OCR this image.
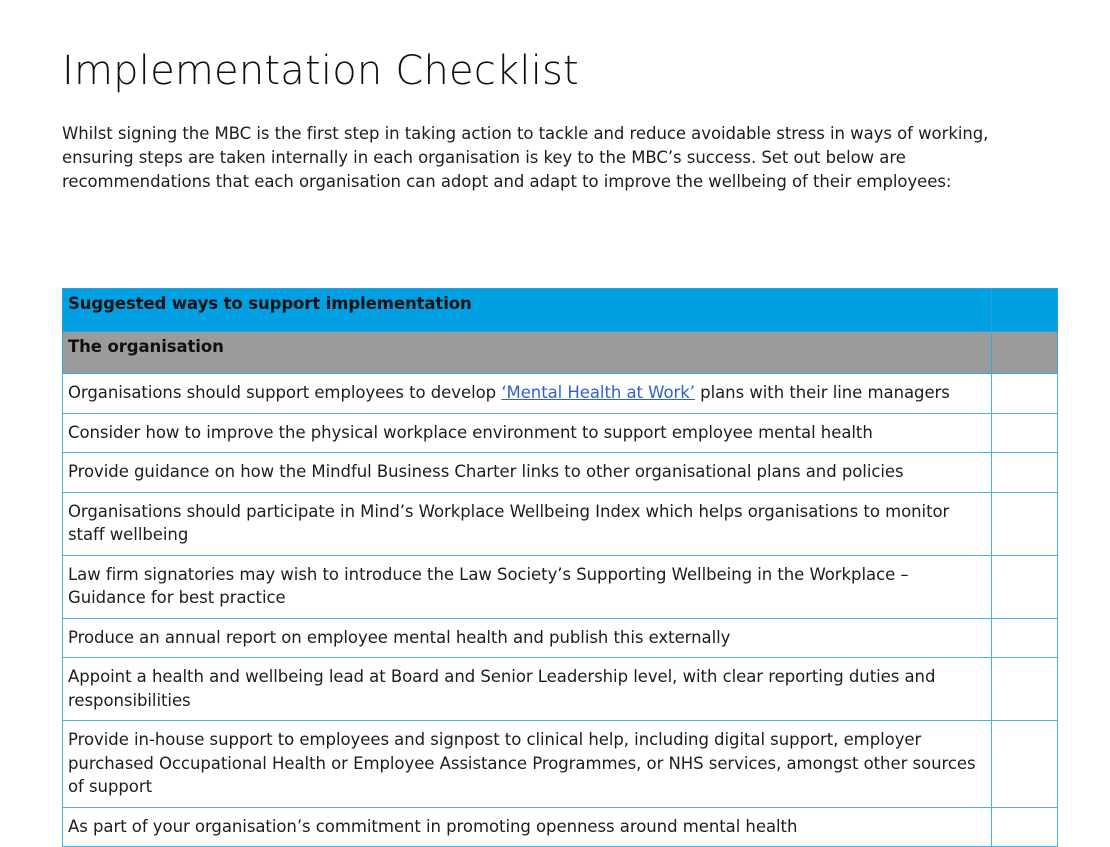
Implementation Checklist

Whilst signing the MBC is the first step in taking action to tackle and reduce avoidable stress in ways of working, ensuring steps are taken internally in each organisation is key to the MBC’s success. Set out below are recommendations that each organisation can adopt and adapt to improve the wellbeing of their employees:

Suggested ways to support implementation	
The organisation	
Organisations should support employees to develop ‘Mental Health at Work’ plans with their line managers	
Consider how to improve the physical workplace environment to support employee mental health	
Provide guidance on how the Mindful Business Charter links to other organisational plans and policies	
Organisations should participate in Mind’s Workplace Wellbeing Index which helps organisations to monitor staff wellbeing	
Law firm signatories may wish to introduce the Law Society’s Supporting Wellbeing in the Workplace – Guidance for best practice	
Produce an annual report on employee mental health and publish this externally	
Appoint a health and wellbeing lead at Board and Senior Leadership level, with clear reporting duties and responsibilities	
Provide in-house support to employees and signpost to clinical help, including digital support, employer purchased Occupational Health or Employee Assistance Programmes, or NHS services, amongst other sources of support	
As part of your organisation’s commitment in promoting openness around mental health	
